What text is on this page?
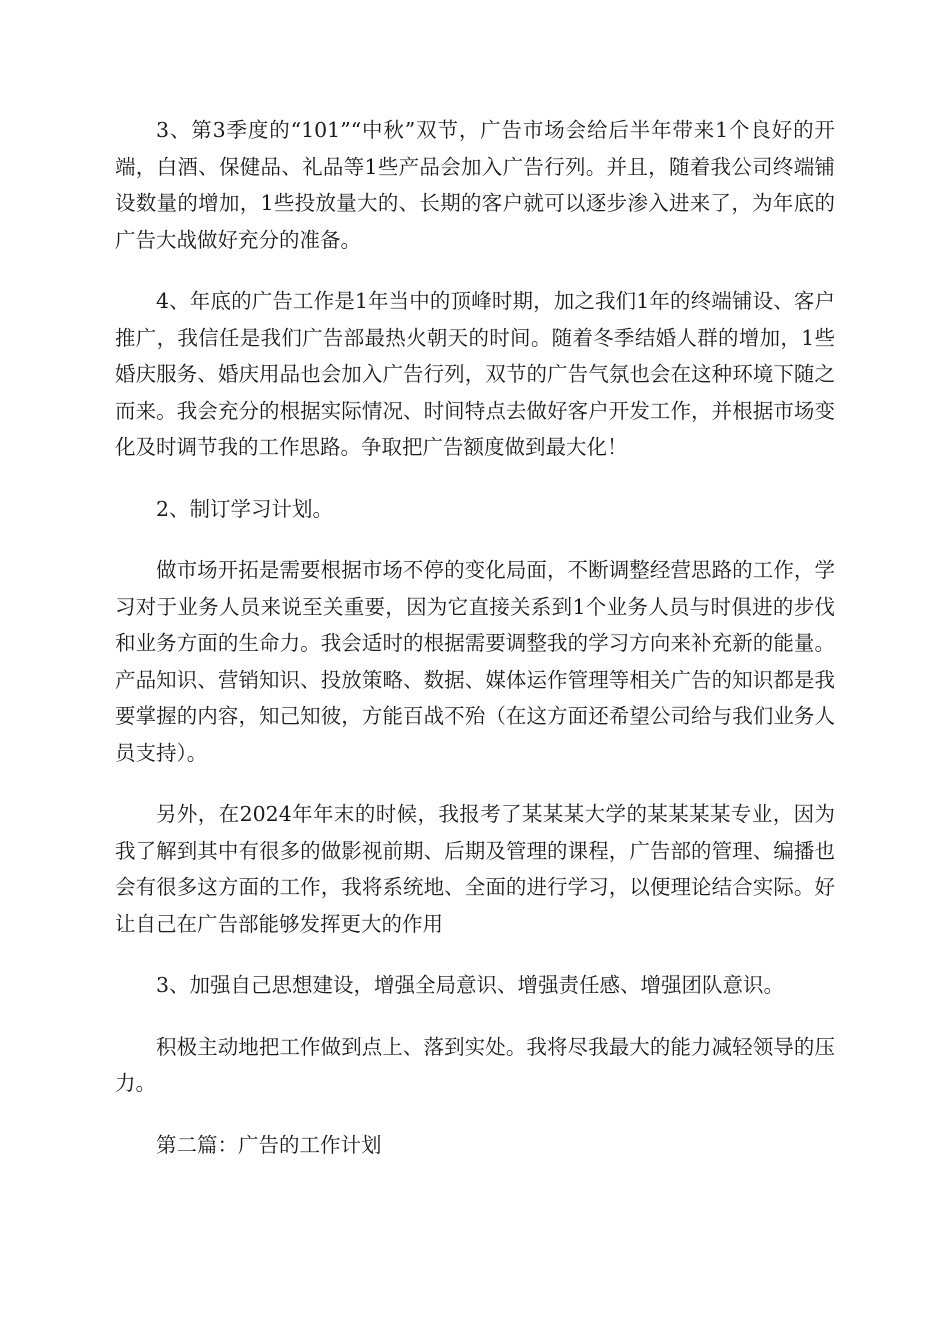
3、第3季度的“101”“中秋”双节，广告市场会给后半年带来1个良好的开端，白酒、保健品、礼品等1些产品会加入广告行列。并且，随着我公司终端铺设数量的增加，1些投放量大的、长期的客户就可以逐步渗入进来了，为年底的广告大战做好充分的准备。

4、年底的广告工作是1年当中的顶峰时期，加之我们1年的终端铺设、客户推广，我信任是我们广告部最热火朝天的时间。随着冬季结婚人群的增加，1些婚庆服务、婚庆用品也会加入广告行列，双节的广告气氛也会在这种环境下随之而来。我会充分的根据实际情况、时间特点去做好客户开发工作，并根据市场变化及时调节我的工作思路。争取把广告额度做到最大化！

2、制订学习计划。

做市场开拓是需要根据市场不停的变化局面，不断调整经营思路的工作，学习对于业务人员来说至关重要，因为它直接关系到1个业务人员与时俱进的步伐和业务方面的生命力。我会适时的根据需要调整我的学习方向来补充新的能量。产品知识、营销知识、投放策略、数据、媒体运作管理等相关广告的知识都是我要掌握的内容，知己知彼，方能百战不殆（在这方面还希望公司给与我们业务人员支持）。

另外，在2024年年末的时候，我报考了某某某大学的某某某某专业，因为我了解到其中有很多的做影视前期、后期及管理的课程，广告部的管理、编播也会有很多这方面的工作，我将系统地、全面的进行学习，以便理论结合实际。好让自己在广告部能够发挥更大的作用

3、加强自己思想建设，增强全局意识、增强责任感、增强团队意识。

积极主动地把工作做到点上、落到实处。我将尽我最大的能力减轻领导的压力。

第二篇：广告的工作计划
